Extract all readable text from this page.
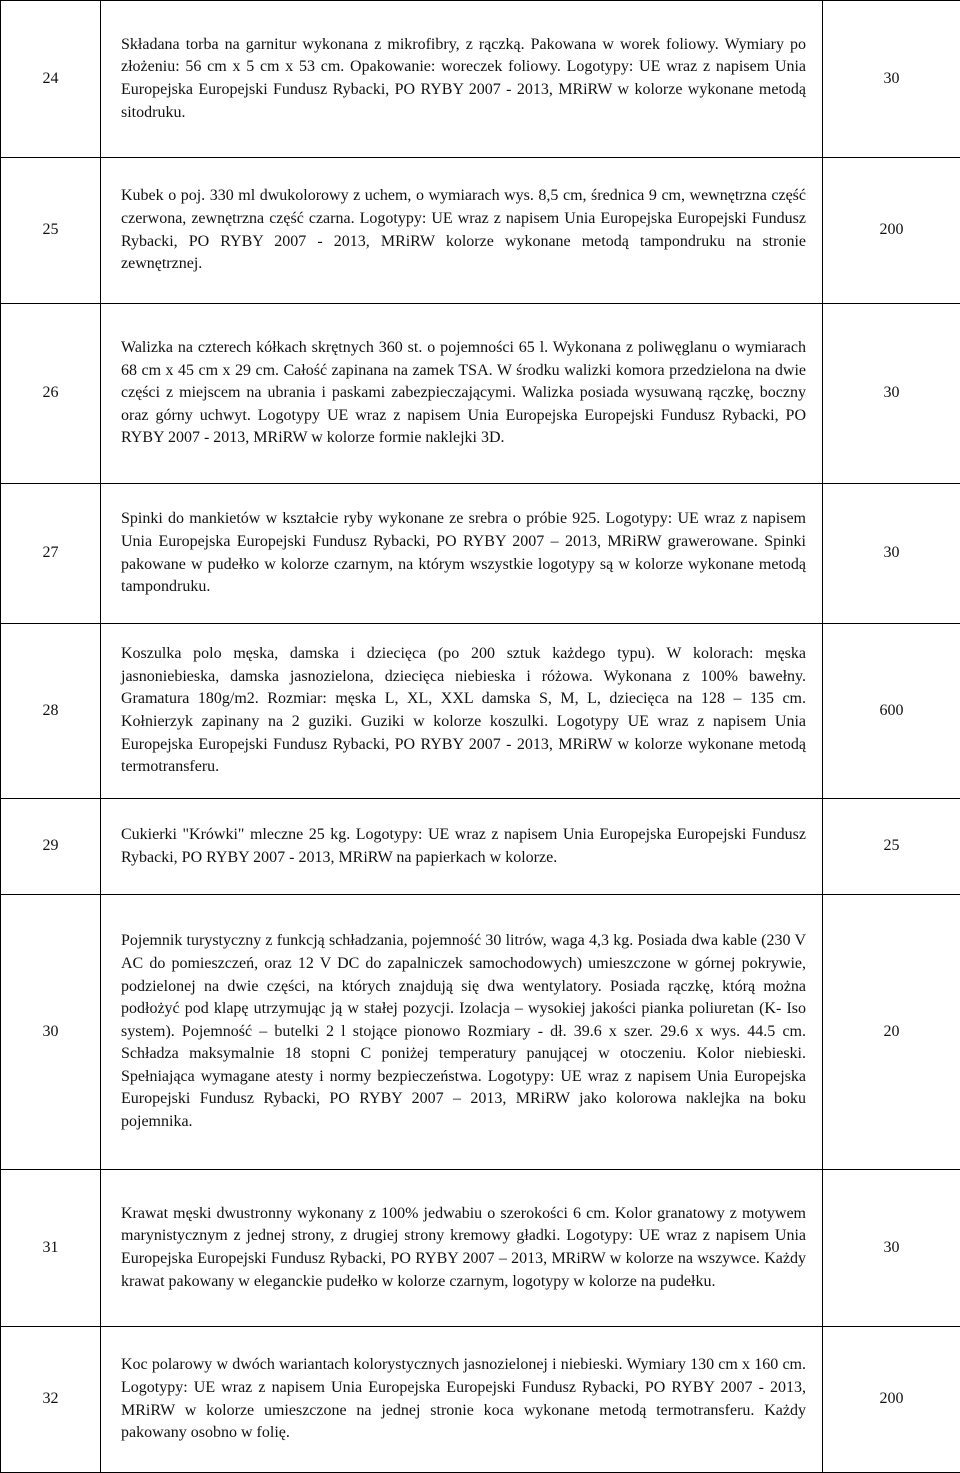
24	Składana torba na garnitur wykonana z mikrofibry, z rączką. Pakowana w worek foliowy. Wymiary po złożeniu: 56 cm x 5 cm x 53 cm. Opakowanie: woreczek foliowy. Logotypy: UE wraz z napisem Unia Europejska Europejski Fundusz Rybacki, PO RYBY 2007 - 2013, MRiRW w kolorze wykonane metodą sitodruku.	30
25	Kubek o poj. 330 ml dwukolorowy z uchem, o wymiarach wys. 8,5 cm, średnica 9 cm, wewnętrzna część czerwona, zewnętrzna część czarna. Logotypy: UE wraz z napisem Unia Europejska Europejski Fundusz Rybacki, PO RYBY 2007 - 2013, MRiRW kolorze wykonane metodą tampondruku na stronie zewnętrznej.	200
26	Walizka na czterech kółkach skrętnych 360 st. o pojemności 65 l. Wykonana z poliwęglanu o wymiarach 68 cm x 45 cm x 29 cm. Całość zapinana na zamek TSA. W środku walizki komora przedzielona na dwie części z miejscem na ubrania i paskami zabezpieczającymi. Walizka posiada wysuwaną rączkę, boczny oraz górny uchwyt. Logotypy UE wraz z napisem Unia Europejska Europejski Fundusz Rybacki, PO RYBY 2007 - 2013, MRiRW w kolorze formie naklejki 3D.	30
27	Spinki do mankietów w kształcie ryby wykonane ze srebra o próbie 925. Logotypy: UE wraz z napisem Unia Europejska Europejski Fundusz Rybacki, PO RYBY 2007 – 2013, MRiRW grawerowane. Spinki pakowane w pudełko w kolorze czarnym, na którym wszystkie logotypy są w kolorze wykonane metodą tampondruku.	30
28	Koszulka polo męska, damska i dziecięca (po 200 sztuk każdego typu). W kolorach: męska jasnoniebieska, damska jasnozielona, dziecięca niebieska i różowa. Wykonana z 100% bawełny. Gramatura 180g/m2. Rozmiar: męska L, XL, XXL damska S, M, L, dziecięca na 128 – 135 cm. Kołnierzyk zapinany na 2 guziki. Guziki w kolorze koszulki. Logotypy UE wraz z napisem Unia Europejska Europejski Fundusz Rybacki, PO RYBY 2007 - 2013, MRiRW w kolorze wykonane metodą termotransferu.	600
29	Cukierki "Krówki" mleczne 25 kg. Logotypy: UE wraz z napisem Unia Europejska Europejski Fundusz Rybacki, PO RYBY 2007 - 2013, MRiRW na papierkach w kolorze.	25
30	Pojemnik turystyczny z funkcją schładzania, pojemność 30 litrów, waga 4,3 kg. Posiada dwa kable (230 V AC do pomieszczeń, oraz 12 V DC do zapalniczek samochodowych) umieszczone w górnej pokrywie, podzielonej na dwie części, na których znajdują się dwa wentylatory. Posiada rączkę, którą można podłożyć pod klapę utrzymując ją w stałej pozycji. Izolacja – wysokiej jakości pianka poliuretan (K- Iso system). Pojemność – butelki 2 l stojące pionowo Rozmiary - dł. 39.6 x szer. 29.6 x wys. 44.5 cm. Schładza maksymalnie 18 stopni C poniżej temperatury panującej w otoczeniu. Kolor niebieski. Spełniająca wymagane atesty i normy bezpieczeństwa. Logotypy: UE wraz z napisem Unia Europejska Europejski Fundusz Rybacki, PO RYBY 2007 – 2013, MRiRW jako kolorowa naklejka na boku pojemnika.	20
31	Krawat męski dwustronny wykonany z 100% jedwabiu o szerokości 6 cm. Kolor granatowy z motywem marynistycznym z jednej strony, z drugiej strony kremowy gładki. Logotypy: UE wraz z napisem Unia Europejska Europejski Fundusz Rybacki, PO RYBY 2007 – 2013, MRiRW w kolorze na wszywce. Każdy krawat pakowany w eleganckie pudełko w kolorze czarnym, logotypy w kolorze na pudełku.	30
32	Koc polarowy w dwóch wariantach kolorystycznych jasnozielonej i niebieski. Wymiary 130 cm x 160 cm. Logotypy: UE wraz z napisem Unia Europejska Europejski Fundusz Rybacki, PO RYBY 2007 - 2013, MRiRW w kolorze umieszczone na jednej stronie koca wykonane metodą termotransferu. Każdy pakowany osobno w folię.	200
